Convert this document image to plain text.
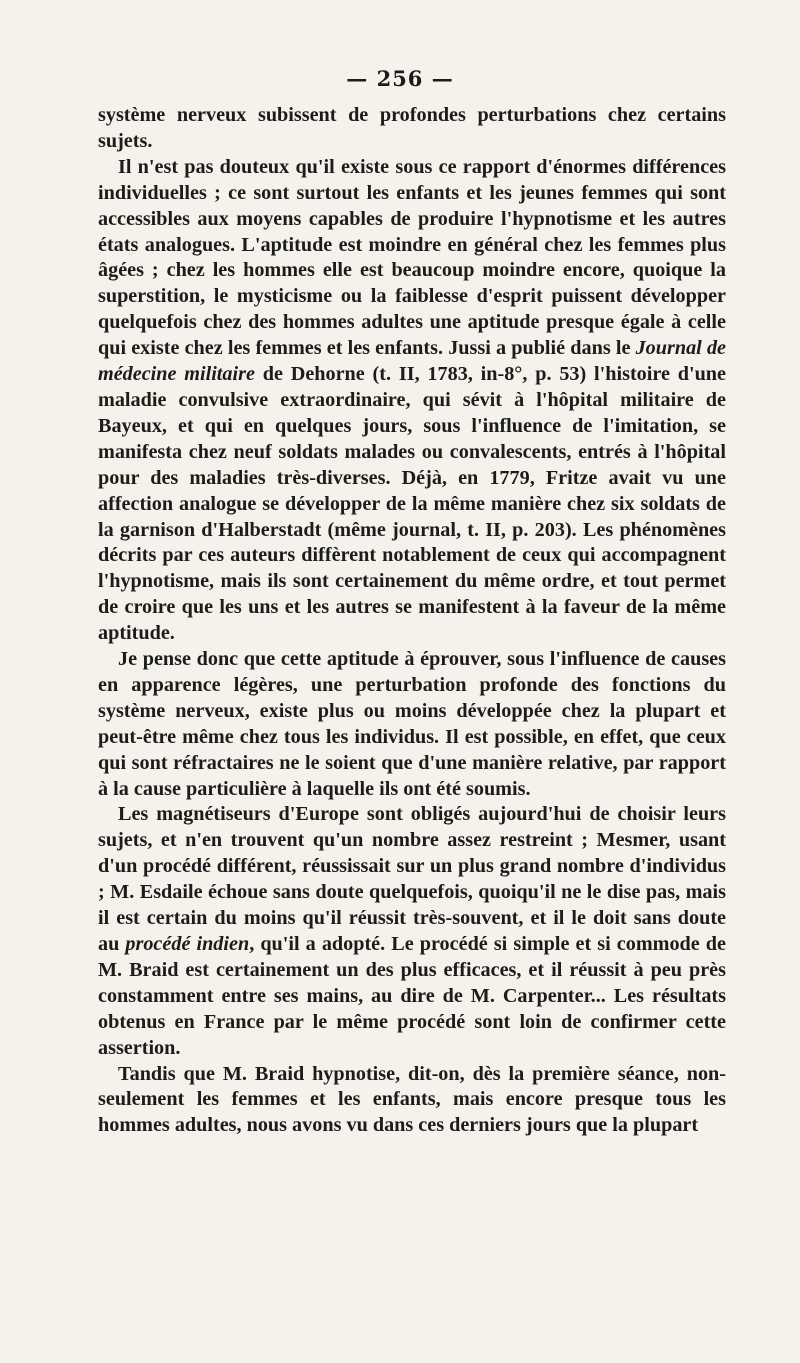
— 256 —

système nerveux subissent de profondes perturbations chez certains sujets.

Il n'est pas douteux qu'il existe sous ce rapport d'énormes différences individuelles ; ce sont surtout les enfants et les jeunes femmes qui sont accessibles aux moyens capables de produire l'hypnotisme et les autres états analogues. L'aptitude est moindre en général chez les femmes plus âgées ; chez les hommes elle est beaucoup moindre encore, quoique la superstition, le mysticisme ou la faiblesse d'esprit puissent développer quelquefois chez des hommes adultes une aptitude presque égale à celle qui existe chez les femmes et les enfants. Jussi a publié dans le Journal de médecine militaire de Dehorne (t. II, 1783, in-8°, p. 53) l'histoire d'une maladie convulsive extraordinaire, qui sévit à l'hôpital militaire de Bayeux, et qui en quelques jours, sous l'influence de l'imitation, se manifesta chez neuf soldats malades ou convalescents, entrés à l'hôpital pour des maladies très-diverses. Déjà, en 1779, Fritze avait vu une affection analogue se développer de la même manière chez six soldats de la garnison d'Halberstadt (même journal, t. II, p. 203). Les phénomènes décrits par ces auteurs diffèrent notablement de ceux qui accompagnent l'hypnotisme, mais ils sont certainement du même ordre, et tout permet de croire que les uns et les autres se manifestent à la faveur de la même aptitude.

Je pense donc que cette aptitude à éprouver, sous l'influence de causes en apparence légères, une perturbation profonde des fonctions du système nerveux, existe plus ou moins développée chez la plupart et peut-être même chez tous les individus. Il est possible, en effet, que ceux qui sont réfractaires ne le soient que d'une manière relative, par rapport à la cause particulière à laquelle ils ont été soumis.

Les magnétiseurs d'Europe sont obligés aujourd'hui de choisir leurs sujets, et n'en trouvent qu'un nombre assez restreint ; Mesmer, usant d'un procédé différent, réussissait sur un plus grand nombre d'individus ; M. Esdaile échoue sans doute quelquefois, quoiqu'il ne le dise pas, mais il est certain du moins qu'il réussit très-souvent, et il le doit sans doute au procédé indien, qu'il a adopté. Le procédé si simple et si commode de M. Braid est certainement un des plus efficaces, et il réussit à peu près constamment entre ses mains, au dire de M. Carpenter... Les résultats obtenus en France par le même procédé sont loin de confirmer cette assertion.

Tandis que M. Braid hypnotise, dit-on, dès la première séance, non-seulement les femmes et les enfants, mais encore presque tous les hommes adultes, nous avons vu dans ces derniers jours que la plupart
